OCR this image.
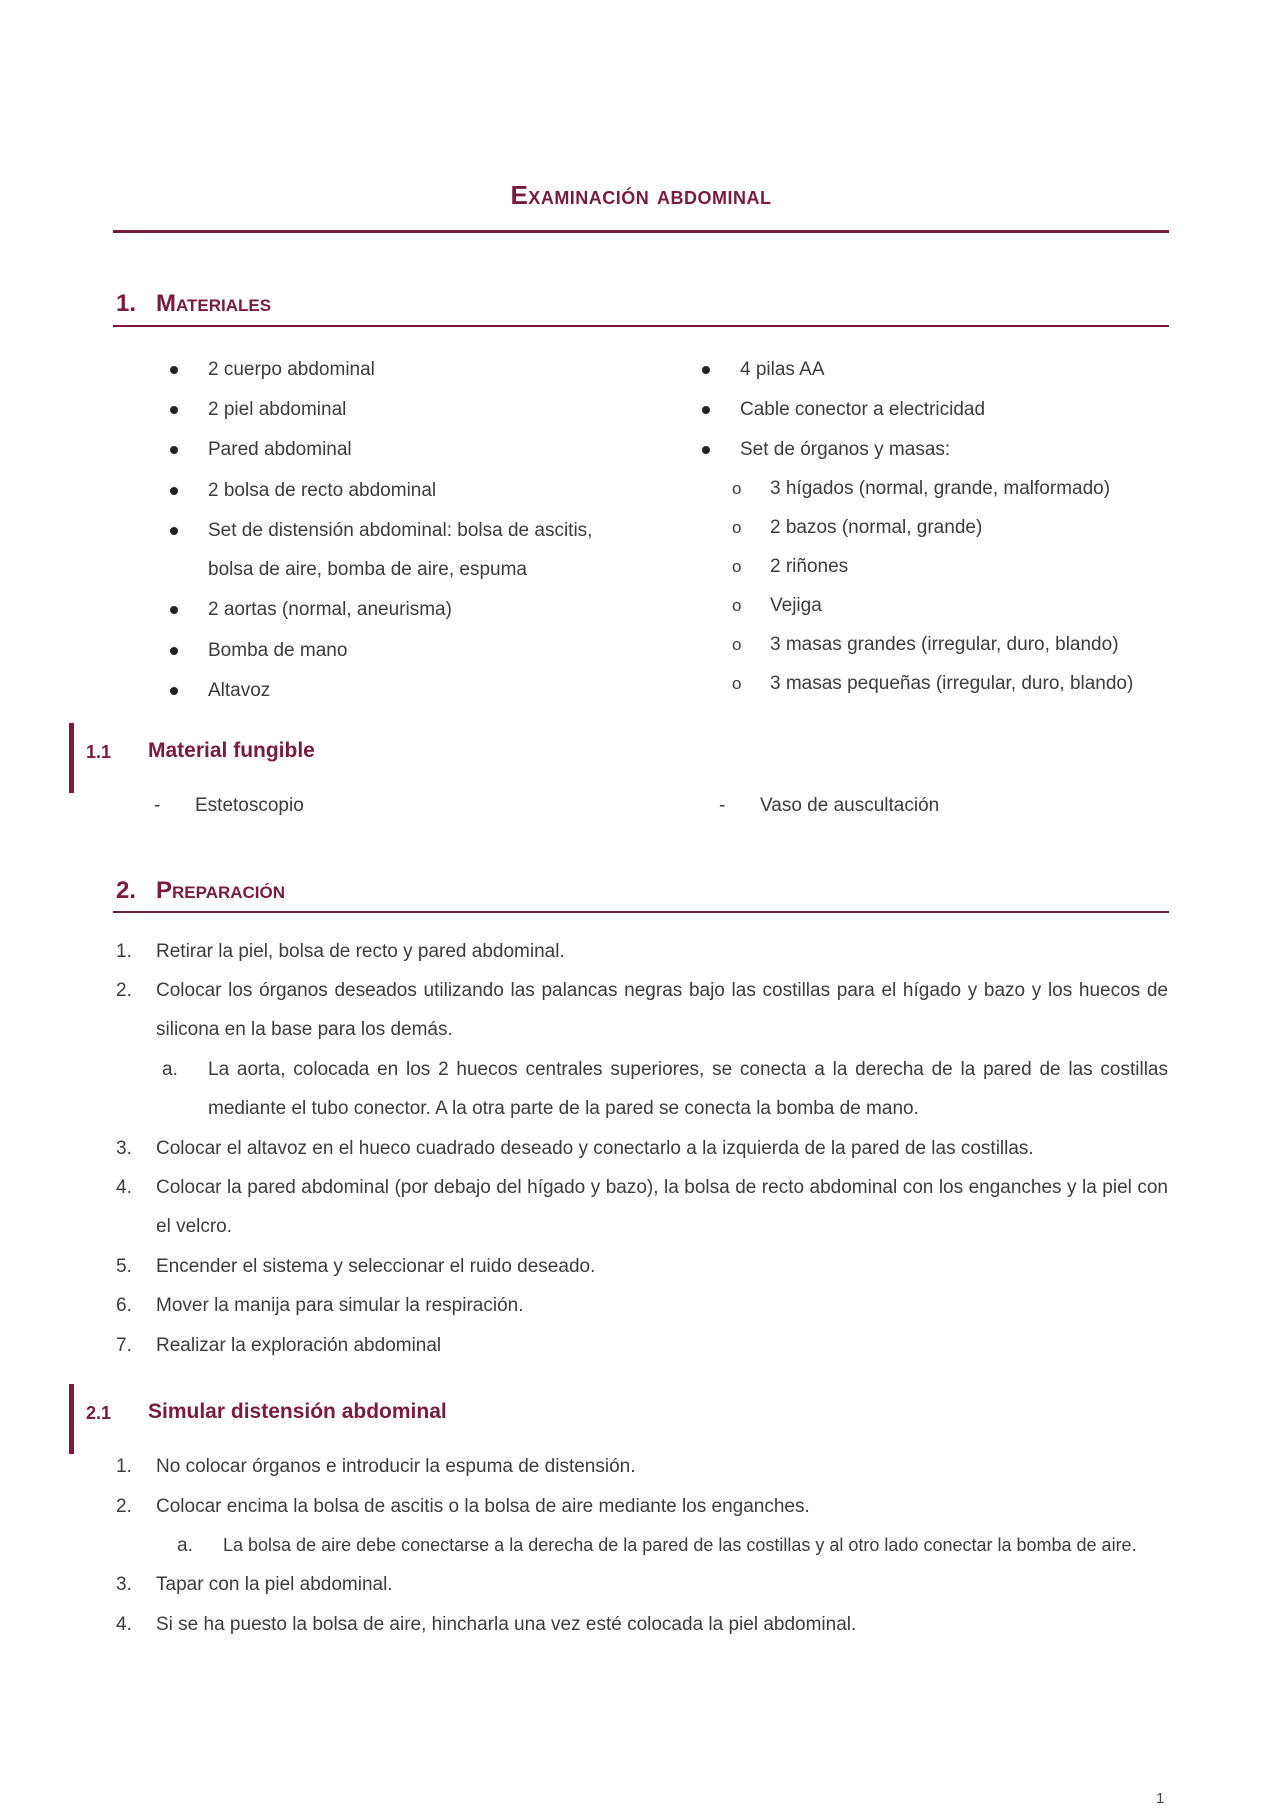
Examinación abdominal
1. Materiales
2 cuerpo abdominal
2 piel abdominal
Pared abdominal
2 bolsa de recto abdominal
Set de distensión abdominal: bolsa de ascitis,
bolsa de aire, bomba de aire, espuma
2 aortas (normal, aneurisma)
Bomba de mano
Altavoz
4 pilas AA
Cable conector a electricidad
Set de órganos y masas:
o 3 hígados (normal, grande, malformado)
o 2 bazos (normal, grande)
o 2 riñones
o Vejiga
o 3 masas grandes (irregular, duro, blando)
o 3 masas pequeñas (irregular, duro, blando)
1.1 Material fungible
- Estetoscopio	- Vaso de auscultación
2. Preparación
1. Retirar la piel, bolsa de recto y pared abdominal.
2. Colocar los órganos deseados utilizando las palancas negras bajo las costillas para el hígado y bazo y los huecos de
silicona en la base para los demás.
a. La aorta, colocada en los 2 huecos centrales superiores, se conecta a la derecha de la pared de las costillas
mediante el tubo conector. A la otra parte de la pared se conecta la bomba de mano.
3. Colocar el altavoz en el hueco cuadrado deseado y conectarlo a la izquierda de la pared de las costillas.
4. Colocar la pared abdominal (por debajo del hígado y bazo), la bolsa de recto abdominal con los enganches y la piel con
el velcro.
5. Encender el sistema y seleccionar el ruido deseado.
6. Mover la manija para simular la respiración.
7. Realizar la exploración abdominal
2.1 Simular distensión abdominal
1. No colocar órganos e introducir la espuma de distensión.
2. Colocar encima la bolsa de ascitis o la bolsa de aire mediante los enganches.
a. La bolsa de aire debe conectarse a la derecha de la pared de las costillas y al otro lado conectar la bomba de aire.
3. Tapar con la piel abdominal.
4. Si se ha puesto la bolsa de aire, hincharla una vez esté colocada la piel abdominal.
1
